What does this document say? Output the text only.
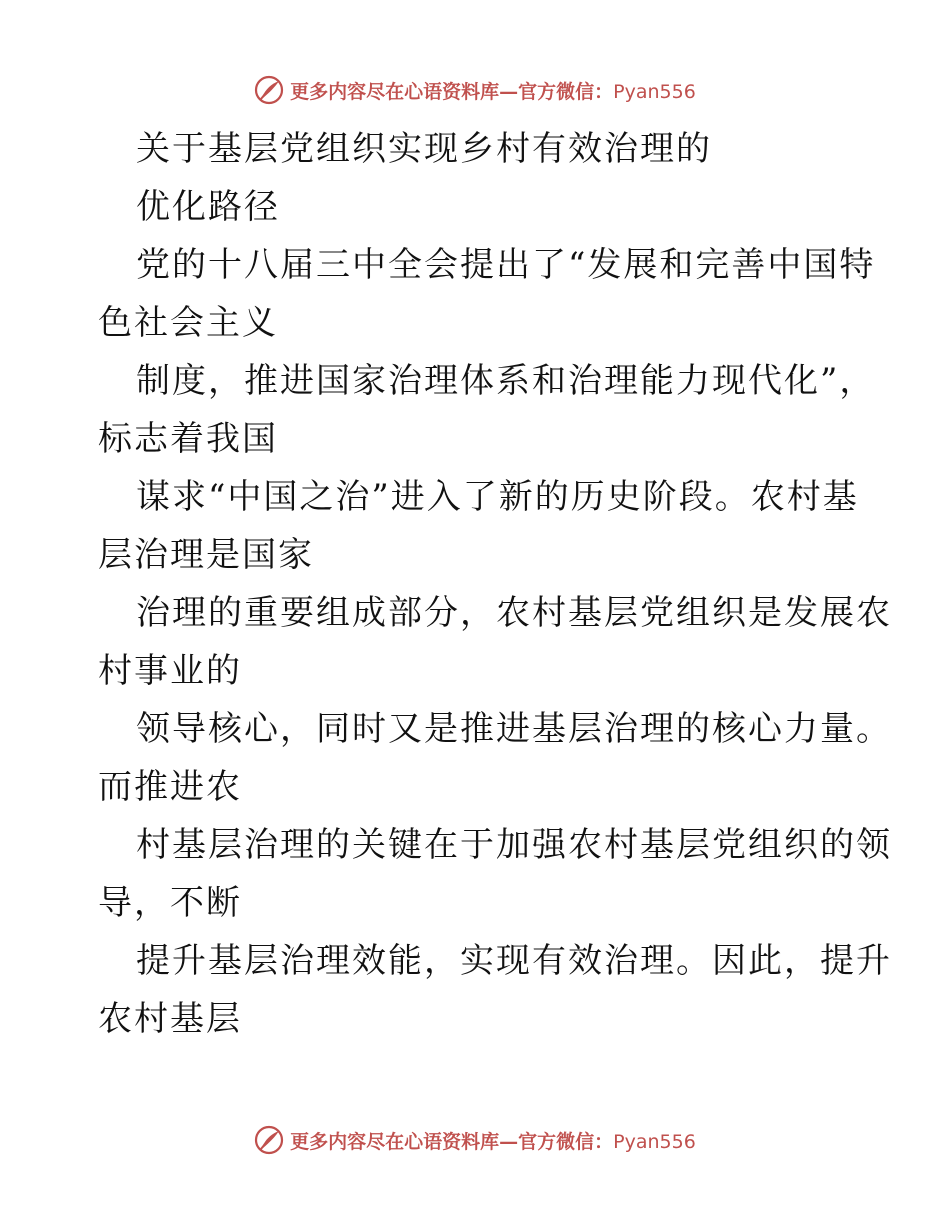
更多内容尽在心语资料库—官方微信：Pyan556
关于基层党组织实现乡村有效治理的
优化路径
党的十八届三中全会提出了“发展和完善中国特
色社会主义
制度，推进国家治理体系和治理能力现代化”，
标志着我国
谋求“中国之治”进入了新的历史阶段。农村基
层治理是国家
治理的重要组成部分，农村基层党组织是发展农
村事业的
领导核心，同时又是推进基层治理的核心力量。
而推进农
村基层治理的关键在于加强农村基层党组织的领
导，不断
提升基层治理效能，实现有效治理。因此，提升
农村基层
更多内容尽在心语资料库—官方微信：Pyan556
